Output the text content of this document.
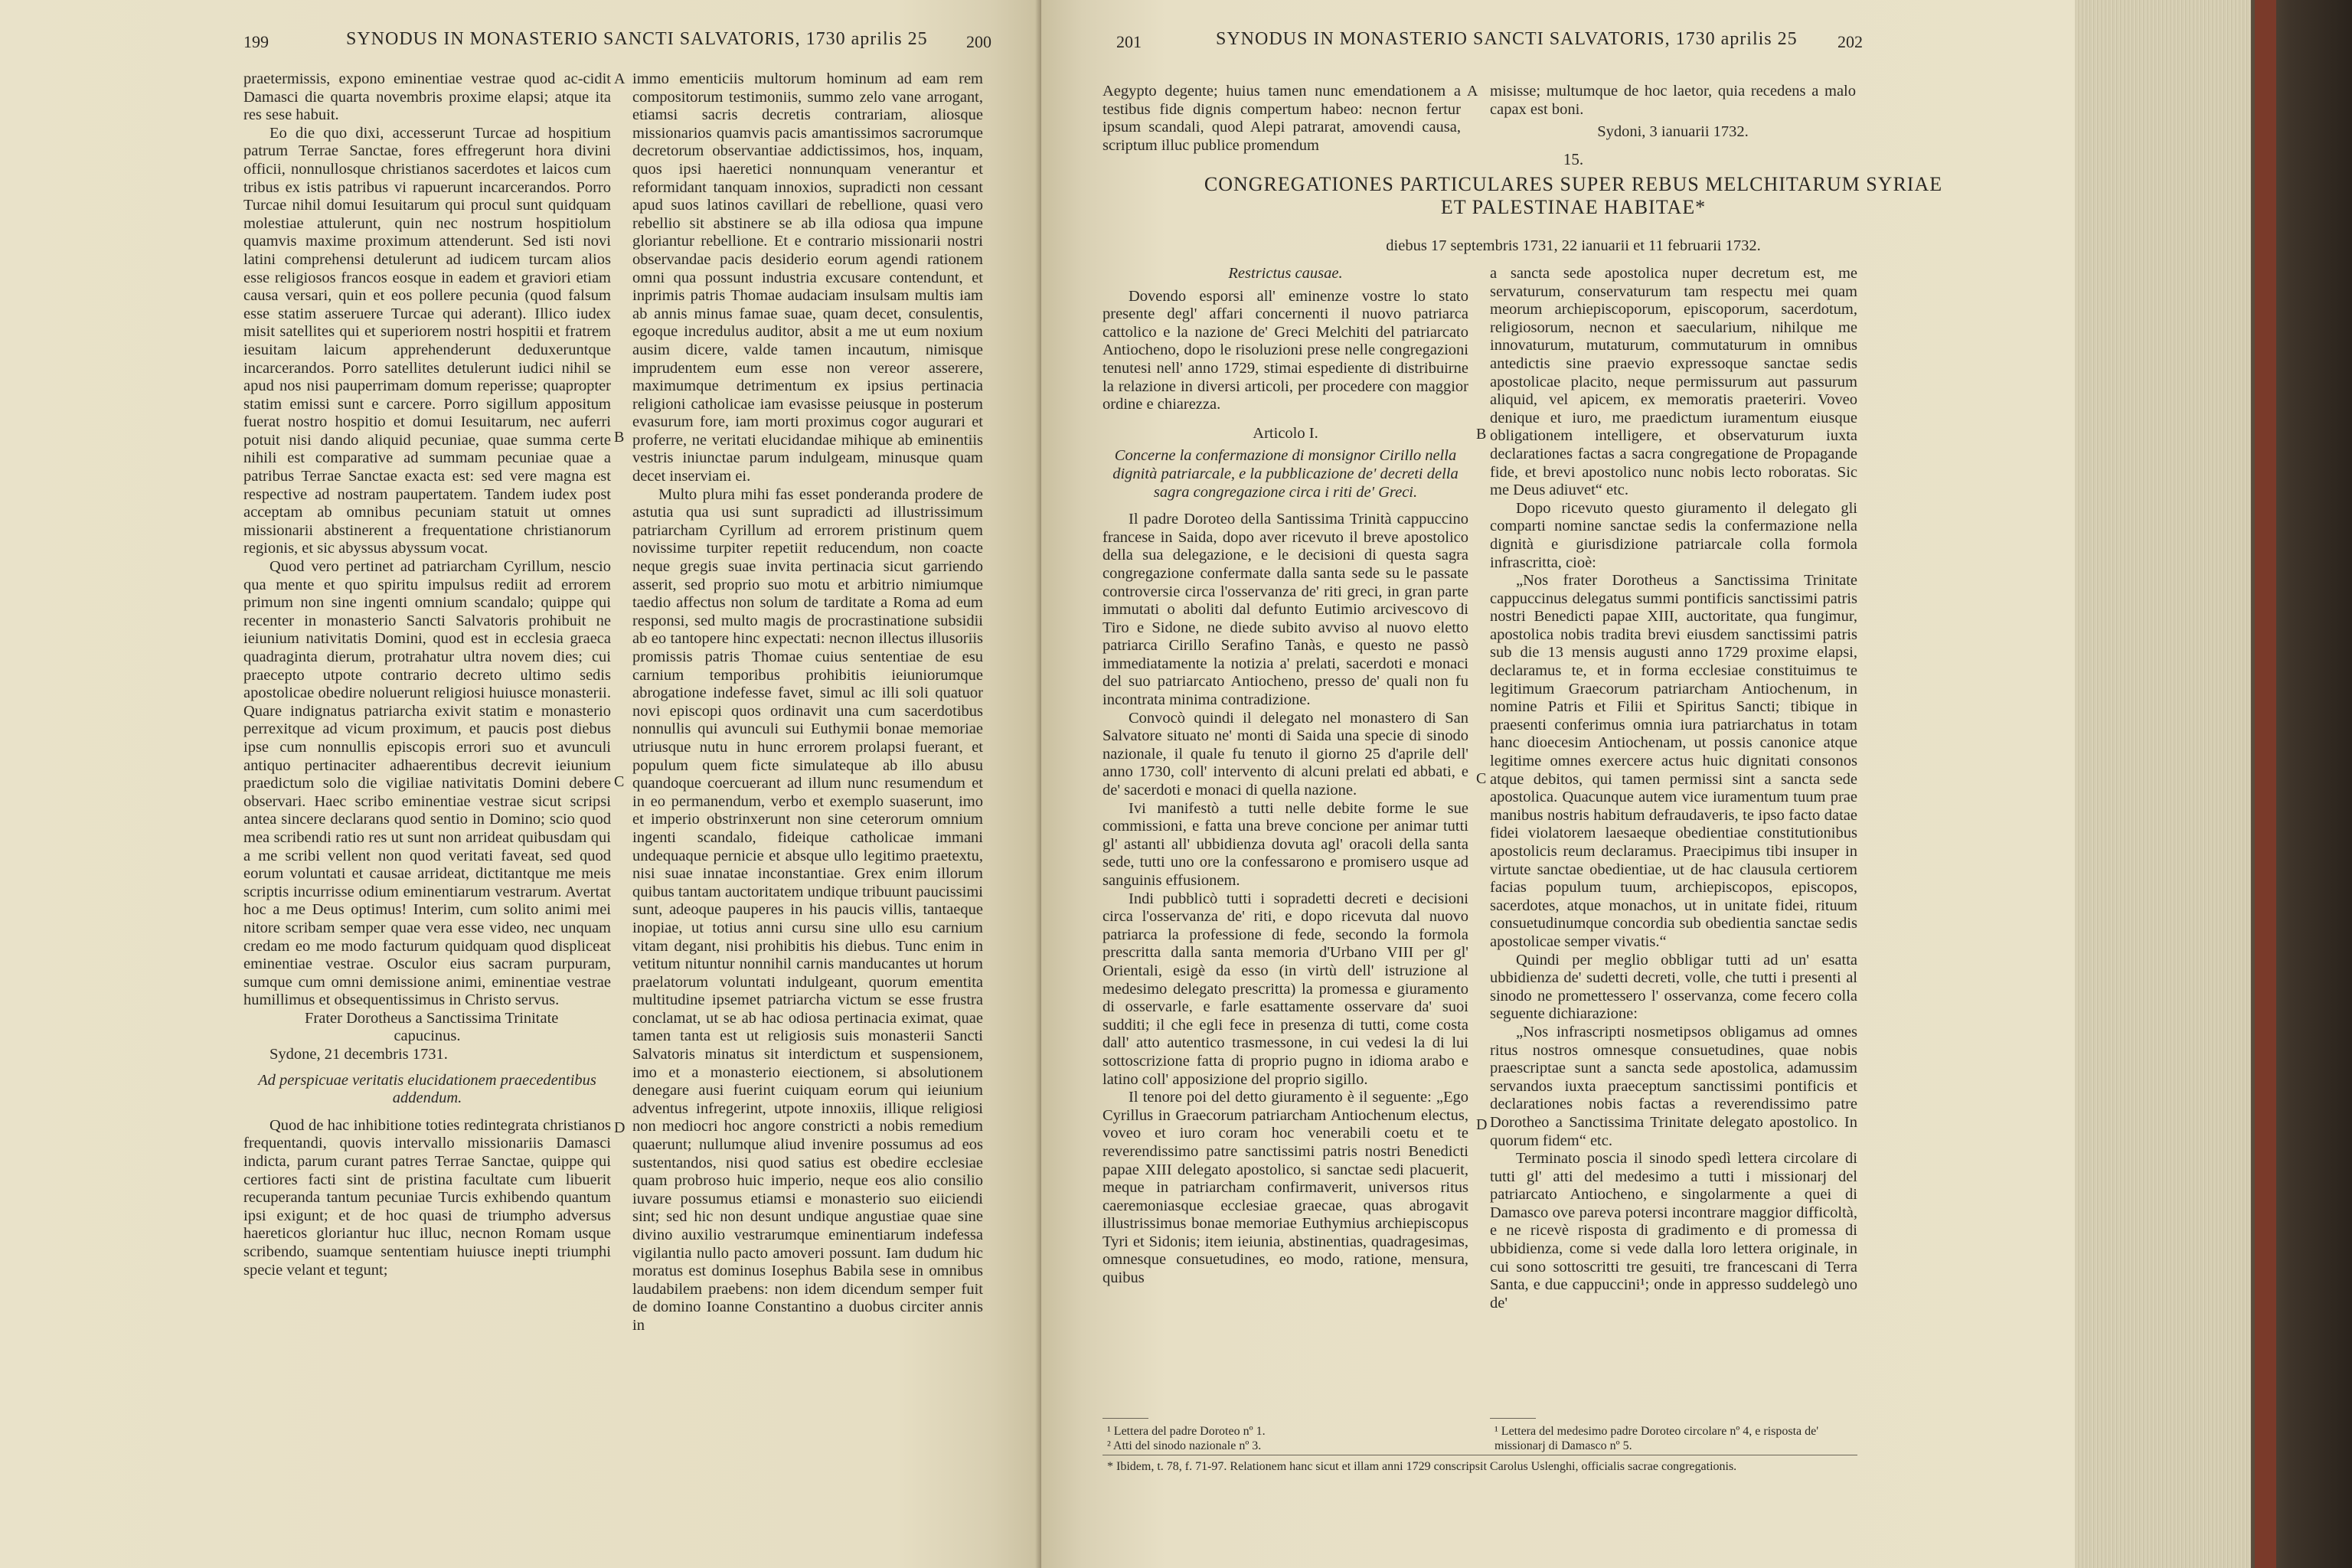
199	SYNODUS IN MONASTERIO SANCTI SALVATORIS, 1730 aprilis 25 200

praetermissis, exponο eminentiae vestrae quod ac-cidit Damasci die quarta novembris proxime elapsi; atque ita res sese habuit.

Eo die quo dixi, accesserunt Turcae ad hospitium patrum Terrae Sanctae, fores effregerunt hora divini officii, nonnullosque christianos sacerdotes et laicos cum tribus ex istis patribus vi rapuerunt incarcerandos. Porro Turcae nihil domui Iesuitarum qui procul sunt quidquam molestiae attulerunt, quin nec nostrum hospitiolum quamvis maxime proximum attenderunt. Sed isti novi latini comprehensi detulerunt ad iudicem turcam alios esse religiosos francos eosque in eadem et graviori etiam causa versari, quin et eos pollere pecunia (quod falsum esse statim asseruere Turcae qui aderant). Illico iudex misit satellites qui et superiorem nostri hospitii et fratrem iesuitam laicum apprehenderunt deduxeruntque incarcerandos. Porro satellites detulerunt iudici nihil se apud nos nisi pauperrimam domum reperisse; quapropter statim emissi sunt e carcere. Porro sigillum appositum fuerat nostro hospitio et domui Iesuitarum, nec auferri potuit nisi dando aliquid pecuniae, quae summa certe nihili est comparative ad summam pecuniae quae a patribus Terrae Sanctae exacta est: sed vere magna est respective ad nostram paupertatem. Tandem iudex post acceptam ab omnibus pecuniam statuit ut omnes missionarii abstinerent a frequentatione christianorum regionis, et sic abyssus abyssum vocat.

Quod vero pertinet ad patriarcham Cyrillum, nescio qua mente et quo spiritu impulsus rediit ad errorem primum non sine ingenti omnium scandalo; quippe qui recenter in monasterio Sancti Salvatoris prohibuit ne ieiunium nativitatis Domini, quod est in ecclesia graeca quadraginta dierum, protrahatur ultra novem dies; cui praecepto utpote contrario decreto ultimo sedis apostolicae obedire noluerunt religiosi huiusce monasterii. Quare indignatus patriarcha exivit statim e monasterio perrexitque ad vicum proximum, et paucis post diebus ipse cum nonnullis episcopis errori suo et avunculi antiquo pertinaciter adhaerentibus decrevit ieiunium praedictum solo die vigiliae nativitatis Domini debere observari. Haec scribo eminentiae vestrae sicut scripsi antea sincere declarans quod sentio in Domino; scio quod mea scribendi ratio res ut sunt non arrideat quibusdam qui a me scribi vellent non quod veritati faveat, sed quod eorum voluntati et causae arrideat, dictitantque me meis scriptis incurrisse odium eminentiarum vestrarum. Avertat hoc a me Deus optimus! Interim, cum solito animi mei nitore scribam semper quae vera esse video, nec unquam credam eo me modo facturum quidquam quod displiceat eminentiae vestrae. Osculor eius sacram purpuram, sumque cum omni demissione animi, eminentiae vestrae humillimus et obsequentissimus in Christo servus.

Frater Dorotheus a Sanctissima Trinitate

capucinus.

Sydone, 21 decembris 1731.

Ad perspicuae veritatis elucidationem praecedentibus addendum.

Quod de hac inhibitione toties redintegrata christianos frequentandi, quovis intervallo missionariis Damasci indicta, parum curant patres Terrae Sanctae, quippe qui certiores facti sint de pristina facultate cum libuerit recuperanda tantum pecuniae Turcis exhibendo quantum ipsi exigunt; et de hoc quasi de triumpho adversus haereticos gloriantur huc illuc, necnon Romam usque scribendo, suamque sententiam huiusce inepti triumphi specie velant et tegunt;

A
B
C
D

immo ementiciis multorum hominum ad eam rem compositorum testimoniis, summo zelo vane arrogant, etiamsi sacris decretis contrariam, aliosque missionarios quamvis pacis amantissimos sacrorumque decretorum observantiae addictissimos, hos, inquam, quos ipsi haeretici nonnunquam venerantur et reformidant tanquam innoxios, supradicti non cessant apud suos latinos cavillari de rebellione, quasi vero rebellio sit abstinere se ab illa odiosa qua impune gloriantur rebellione. Et e contrario missionarii nostri observandae pacis desiderio eorum agendi rationem omni qua possunt industria excusare contendunt, et inprimis patris Thomae audaciam insulsam multis iam ab annis minus famae suae, quam decet, consulentis, egoque incredulus auditor, absit a me ut eum noxium ausim dicere, valde tamen incautum, nimisque imprudentem eum esse non vereor asserere, maximumque detrimentum ex ipsius pertinacia religioni catholicae iam evasisse peiusque in posterum evasurum fore, iam morti proximus cogor augurari et proferre, ne veritati elucidandae mihique ab eminentiis vestris iniunctae parum indulgeam, minusque quam decet inserviam ei.

Multo plura mihi fas esset ponderanda prodere de astutia qua usi sunt supradicti ad illustrissimum patriarcham Cyrillum ad errorem pristinum quem novissime turpiter repetiit reducendum, non coacte neque gregis suae invita pertinacia sicut garriendo asserit, sed proprio suo motu et arbitrio nimiumque taedio affectus non solum de tarditate a Roma ad eum responsi, sed multo magis de procrastinatione subsidii ab eo tantopere hinc expectati: necnon illectus illusoriis promissis patris Thomae cuius sententiae de esu carnium temporibus prohibitis ieiuniorumque abrogatione indefesse favet, simul ac illi soli quatuor novi episcopi quos ordinavit una cum sacerdotibus nonnullis qui avunculi sui Euthymii bonae memoriae utriusque nutu in hunc errorem prolapsi fuerant, et populum quem ficte simulateque ab illo abusu quandoque coercuerant ad illum nunc resumendum et in eo permanendum, verbo et exemplo suaserunt, imo et imperio obstrinxerunt non sine ceterorum omnium ingenti scandalo, fideique catholicae immani undequaque pernicie et absque ullo legitimo praetextu, nisi suae innatae inconstantiae. Grex enim illorum quibus tantam auctoritatem undique tribuunt paucissimi sunt, adeoque pauperes in his paucis villis, tantaeque inopiae, ut totius anni cursu sine ullo esu carnium vitam degant, nisi prohibitis his diebus. Tunc enim in vetitum nituntur nonnihil carnis manducantes ut horum praelatorum voluntati indulgeant, quorum ementita multitudine ipsemet patriarcha victum se esse frustra conclamat, ut se ab hac odiosa pertinacia eximat, quae tamen tanta est ut religiosis suis monasterii Sancti Salvatoris minatus sit interdictum et suspensionem, imo et a monasterio eiectionem, si absolutionem denegare ausi fuerint cuiquam eorum qui ieiunium adventus infregerint, utpote innoxiis, illique religiosi non mediocri hoc angore constricti a nobis remedium quaerunt; nullumque aliud invenire possumus ad eos sustentandos, nisi quod satius est obedire ecclesiae quam probroso huic imperio, neque eos alio consilio iuvare possumus etiamsi e monasterio suo eiiciendi sint; sed hic non desunt undique angustiae quae sine divino auxilio vestrarumque eminentiarum indefessa vigilantia nullo pacto amoveri possunt. Iam dudum hic moratus est dominus Iosephus Babila sese in omnibus laudabilem praebens: non idem dicendum semper fuit de domino Ioanne Constantino a duobus circiter annis in

201	SYNODUS IN MONASTERIO SANCTI SALVATORIS, 1730 aprilis 25 202

Aegypto degente; huius tamen nunc emendationem a testibus fide dignis compertum habeo: necnon fertur ipsum scandali, quod Alepi patrarat, amovendi causa, scriptum illuc publice promendum

A misisse; multumque de hoc laetor, quia recedens a malo capax est boni.

Sydoni, 3 ianuarii 1732.

15.
CONGREGATIONES PARTICULARES SUPER REBUS MELCHITARUM SYRIAE
ET PALESTINAE HABITAE*
diebus 17 septembris 1731, 22 ianuarii et 11 februarii 1732.

Restrictus causae.

Dovendo esporsi all' eminenze vostre lo stato presente degl' affari concernenti il nuovo patriarca cattolico e la nazione de' Greci Melchiti del patriarcato Antiocheno, dopo le risoluzioni prese nelle congregazioni tenutesi nell' anno 1729, stimai espediente di distribuirne la relazione in diversi articoli, per procedere con maggior ordine e chiarezza.

Articolo I.

Concerne la confermazione di monsignor Cirillo nella dignità patriarcale, e la pubblicazione de' decreti della sagra congregazione circa i riti de' Greci.

Il padre Doroteo della Santissima Trinità cappuccino francese in Saida, dopo aver ricevuto il breve apostolico della sua delegazione, e le decisioni di questa sagra congregazione confermate dalla santa sede su le passate controversie circa l'osservanza de' riti greci, in gran parte immutati o aboliti dal defunto Eutimio arcivescovo di Tiro e Sidone, ne diede subito avviso al nuovo eletto patriarca Cirillo Serafino Tanàs, e questo ne passò immediatamente la notizia a' prelati, sacerdoti e monaci del suo patriarcato Antiocheno, presso de' quali non fu incontrata minima contradizione.

Convocò quindi il delegato nel monastero di San Salvatore situato ne' monti di Saida una specie di sinodo nazionale, il quale fu tenuto il giorno 25 d'aprile dell' anno 1730, coll' intervento di alcuni prelati ed abbati, e de' sacerdoti e monaci di quella nazione.

Ivi manifestò a tutti nelle debite forme le sue commissioni, e fatta una breve concione per animar tutti gl' astanti all' ubbidienza dovuta agl' oracoli della santa sede, tutti uno ore la confessarono e promisero usque ad sanguinis effusionem.

Indi pubblicò tutti i sopradetti decreti e decisioni circa l'osservanza de' riti, e dopo ricevuta dal nuovo patriarca la professione di fede, secondo la formola prescritta dalla santa memoria d'Urbano VIII per gl' Orientali, esigè da esso (in virtù dell' istruzione al medesimo delegato prescritta) la promessa e giuramento di osservarle, e farle esattamente osservare da' suoi sudditi; il che egli fece in presenza di tutti, come costa dall' atto autentico trasmessone, in cui vedesi la di lui sottoscrizione fatta di proprio pugno in idioma arabo e latino coll' apposizione del proprio sigillo.

Il tenore poi del detto giuramento è il seguente: „Ego Cyrillus in Graecorum patriarcham Antiochenum electus, voveo et iuro coram hoc venerabili coetu et te reverendissimo patre sanctissimi patris nostri Benedicti papae XIII delegato apostolico, si sanctae sedi placuerit, meque in patriarcham confirmaverit, universos ritus caeremoniasque ecclesiae graecae, quas abrogavit illustrissimus bonae memoriae Euthymius archiepiscopus Tyri et Sidonis; item ieiunia, abstinentias, quadragesimas, omnesque consuetudines, eo modo, ratione, mensura, quibus

B
C
D

a sancta sede apostolica nuper decretum est, me servaturum, conservaturum tam respectu mei quam meorum archiepiscoporum, episcoporum, sacerdotum, religiosorum, necnon et saecularium, nihilque me innovaturum, mutaturum, commutaturum in omnibus antedictis sine praevio expressoque sanctae sedis apostolicae placito, neque permissurum aut passurum aliquid, vel apicem, ex memoratis praeteriri. Voveo denique et iuro, me praedictum iuramentum eiusque obligationem intelligere, et observaturum iuxta declarationes factas a sacra congregatione de Propagande fide, et brevi apostolico nunc nobis lecto roboratas. Sic me Deus adiuvet“ etc.

Dopo ricevuto questo giuramento il delegato gli comparti nomine sanctae sedis la confermazione nella dignità e giurisdizione patriarcale colla formola infrascritta, cioè:

„Nos frater Dorotheus a Sanctissima Trinitate cappuccinus delegatus summi pontificis sanctissimi patris nostri Benedicti papae XIII, auctoritate, qua fungimur, apostolica nobis tradita brevi eiusdem sanctissimi patris sub die 13 mensis augusti anno 1729 proxime elapsi, declaramus te, et in forma ecclesiae constituimus te legitimum Graecorum patriarcham Antiochenum, in nomine Patris et Filii et Spiritus Sancti; tibique in praesenti conferimus omnia iura patriarchatus in totam hanc dioecesim Antiochenam, ut possis canonice atque legitime omnes exercere actus huic dignitati consonos atque debitos, qui tamen permissi sint a sancta sede apostolica. Quacunque autem vice iuramentum tuum prae manibus nostris habitum defraudaveris, te ipso facto datae fidei violatorem laesaeque obedientiae constitutionibus apostolicis reum declaramus. Praecipimus tibi insuper in virtute sanctae obedientiae, ut de hac clausula certiorem facias populum tuum, archiepiscopos, episcopos, sacerdotes, atque monachos, ut in unitate fidei, rituum consuetudinumque concordia sub obedientia sanctae sedis apostolicae semper vivatis.“

Quindi per meglio obbligar tutti ad un' esatta ubbidienza de' sudetti decreti, volle, che tutti i presenti al sinodo ne promettessero l' osservanza, come fecero colla seguente dichiarazione:

„Nos infrascripti nosmetipsos obligamus ad omnes ritus nostros omnesque consuetudines, quae nobis praescriptae sunt a sancta sede apostolica, adamussim servandos iuxta praeceptum sanctissimi pontificis et declarationes nobis factas a reverendissimo patre Dorotheo a Sanctissima Trinitate delegato apostolico. In quorum fidem“ etc.

Terminato poscia il sinodo spedì lettera circolare di tutti gl' atti del medesimo a tutti i missionarj del patriarcato Antiocheno, e singolarmente a quei di Damasco ove pareva potersi incontrare maggior difficoltà, e ne ricevè risposta di gradimento e di promessa di ubbidienza, come si vede dalla loro lettera originale, in cui sono sottoscritti tre gesuiti, tre francescani di Terra Santa, e due cappuccini¹; onde in appresso suddelegò uno de'

¹ Lettera del padre Doroteo nº 1.
² Atti del sinodo nazionale nº 3.
¹ Lettera del medesimo padre Doroteo circolare nº 4, e risposta de' missionarj di Damasco nº 5.
* Ibidem, t. 78, f. 71-97. Relationem hanc sicut et illam anni 1729 conscripsit Carolus Uslenghi, officialis sacrae congregationis.
